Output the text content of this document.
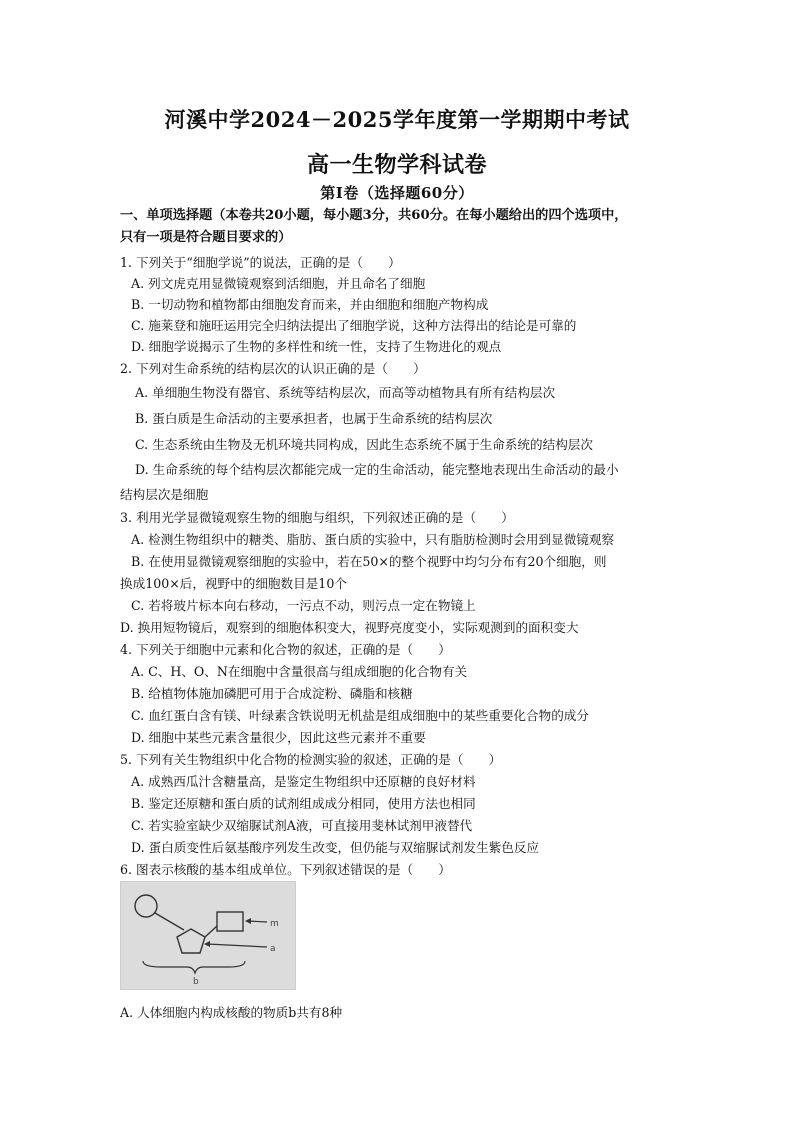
河溪中学2024－2025学年度第一学期期中考试
高一生物学科试卷
第Ⅰ卷（选择题60分）
一、单项选择题（本卷共20小题，每小题3分，共60分。在每小题给出的四个选项中，
只有一项是符合题目要求的）
1. 下列关于“细胞学说”的说法，正确的是（　　）
A. 列文虎克用显微镜观察到活细胞，并且命名了细胞
B. 一切动物和植物都由细胞发育而来，并由细胞和细胞产物构成
C. 施莱登和施旺运用完全归纳法提出了细胞学说，这种方法得出的结论是可靠的
D. 细胞学说揭示了生物的多样性和统一性，支持了生物进化的观点
2. 下列对生命系统的结构层次的认识正确的是（　　）
A. 单细胞生物没有器官、系统等结构层次，而高等动植物具有所有结构层次
B. 蛋白质是生命活动的主要承担者，也属于生命系统的结构层次
C. 生态系统由生物及无机环境共同构成，因此生态系统不属于生命系统的结构层次
D. 生命系统的每个结构层次都能完成一定的生命活动，能完整地表现出生命活动的最小
结构层次是细胞
3. 利用光学显微镜观察生物的细胞与组织，下列叙述正确的是（　　）
A. 检测生物组织中的糖类、脂肪、蛋白质的实验中，只有脂肪检测时会用到显微镜观察
B. 在使用显微镜观察细胞的实验中，若在50×的整个视野中均匀分布有20个细胞，则
换成100×后，视野中的细胞数目是10个
C. 若将玻片标本向右移动，一污点不动，则污点一定在物镜上
D. 换用短物镜后，观察到的细胞体积变大，视野亮度变小，实际观测到的面积变大
4. 下列关于细胞中元素和化合物的叙述，正确的是（　　）
A. C、H、O、N在细胞中含量很高与组成细胞的化合物有关
B. 给植物体施加磷肥可用于合成淀粉、磷脂和核糖
C. 血红蛋白含有镁、叶绿素含铁说明无机盐是组成细胞中的某些重要化合物的成分
D. 细胞中某些元素含量很少，因此这些元素并不重要
5. 下列有关生物组织中化合物的检测实验的叙述，正确的是（　　）
A. 成熟西瓜汁含糖量高，是鉴定生物组织中还原糖的良好材料
B. 鉴定还原糖和蛋白质的试剂组成成分相同，使用方法也相同
C. 若实验室缺少双缩脲试剂A液，可直接用斐林试剂甲液替代
D. 蛋白质变性后氨基酸序列发生改变，但仍能与双缩脲试剂发生紫色反应
6. 图表示核酸的基本组成单位。下列叙述错误的是（　　）
m
a
b
A. 人体细胞内构成核酸的物质b共有8种
